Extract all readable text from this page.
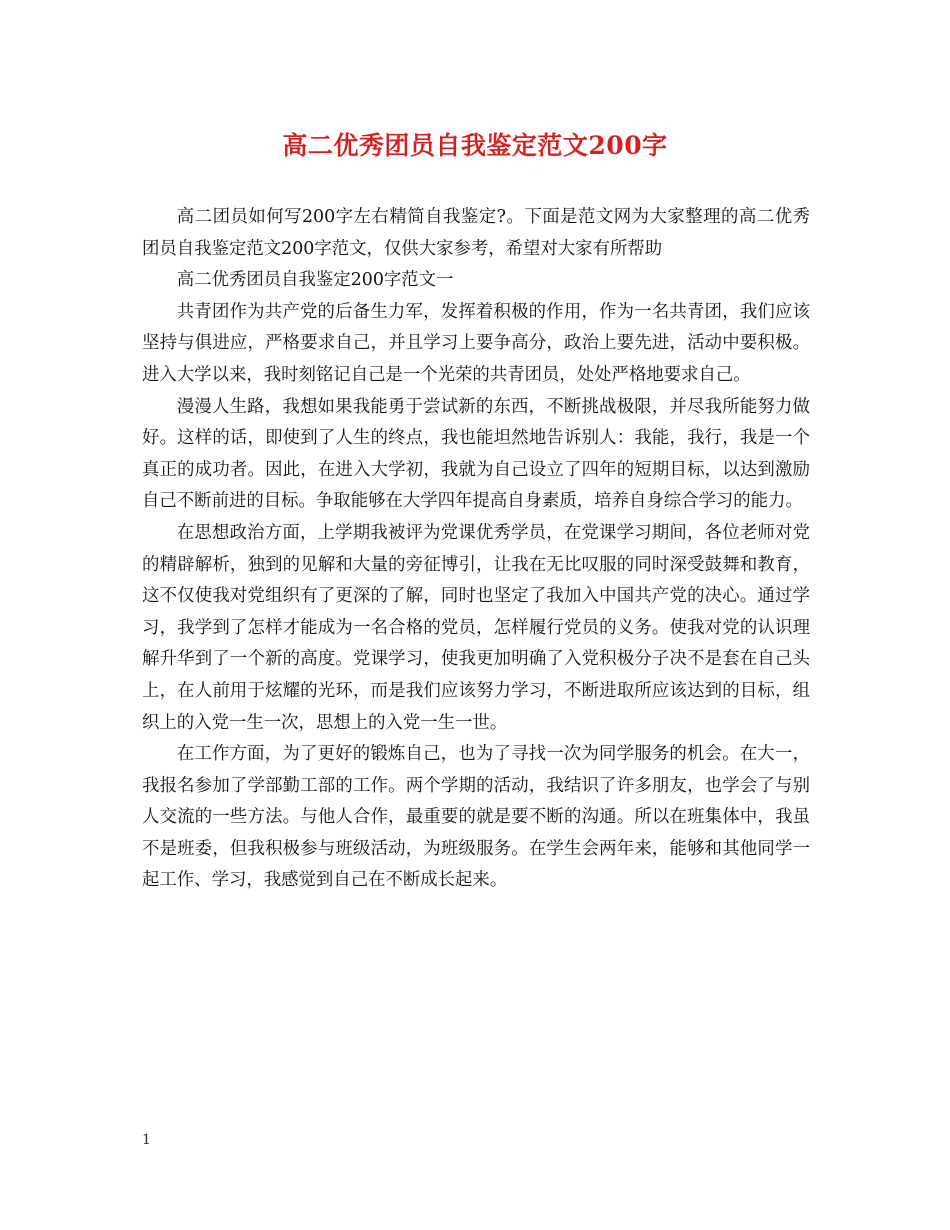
高二优秀团员自我鉴定范文200字

高二团员如何写200字左右精简自我鉴定?。下面是范文网为大家整理的高二优秀团员自我鉴定范文200字范文，仅供大家参考，希望对大家有所帮助

高二优秀团员自我鉴定200字范文一

共青团作为共产党的后备生力军，发挥着积极的作用，作为一名共青团，我们应该坚持与俱进应，严格要求自己，并且学习上要争高分，政治上要先进，活动中要积极。进入大学以来，我时刻铭记自己是一个光荣的共青团员，处处严格地要求自己。

漫漫人生路，我想如果我能勇于尝试新的东西，不断挑战极限，并尽我所能努力做好。这样的话，即使到了人生的终点，我也能坦然地告诉别人：我能，我行，我是一个真正的成功者。因此，在进入大学初，我就为自己设立了四年的短期目标，以达到激励自己不断前进的目标。争取能够在大学四年提高自身素质，培养自身综合学习的能力。

在思想政治方面，上学期我被评为党课优秀学员，在党课学习期间，各位老师对党的精辟解析，独到的见解和大量的旁征博引，让我在无比叹服的同时深受鼓舞和教育，这不仅使我对党组织有了更深的了解，同时也坚定了我加入中国共产党的决心。通过学习，我学到了怎样才能成为一名合格的党员，怎样履行党员的义务。使我对党的认识理解升华到了一个新的高度。党课学习，使我更加明确了入党积极分子决不是套在自己头上，在人前用于炫耀的光环，而是我们应该努力学习，不断进取所应该达到的目标，组织上的入党一生一次，思想上的入党一生一世。

在工作方面，为了更好的锻炼自己，也为了寻找一次为同学服务的机会。在大一，我报名参加了学部勤工部的工作。两个学期的活动，我结识了许多朋友，也学会了与别人交流的一些方法。与他人合作，最重要的就是要不断的沟通。所以在班集体中，我虽不是班委，但我积极参与班级活动，为班级服务。在学生会两年来，能够和其他同学一起工作、学习，我感觉到自己在不断成长起来。

1
